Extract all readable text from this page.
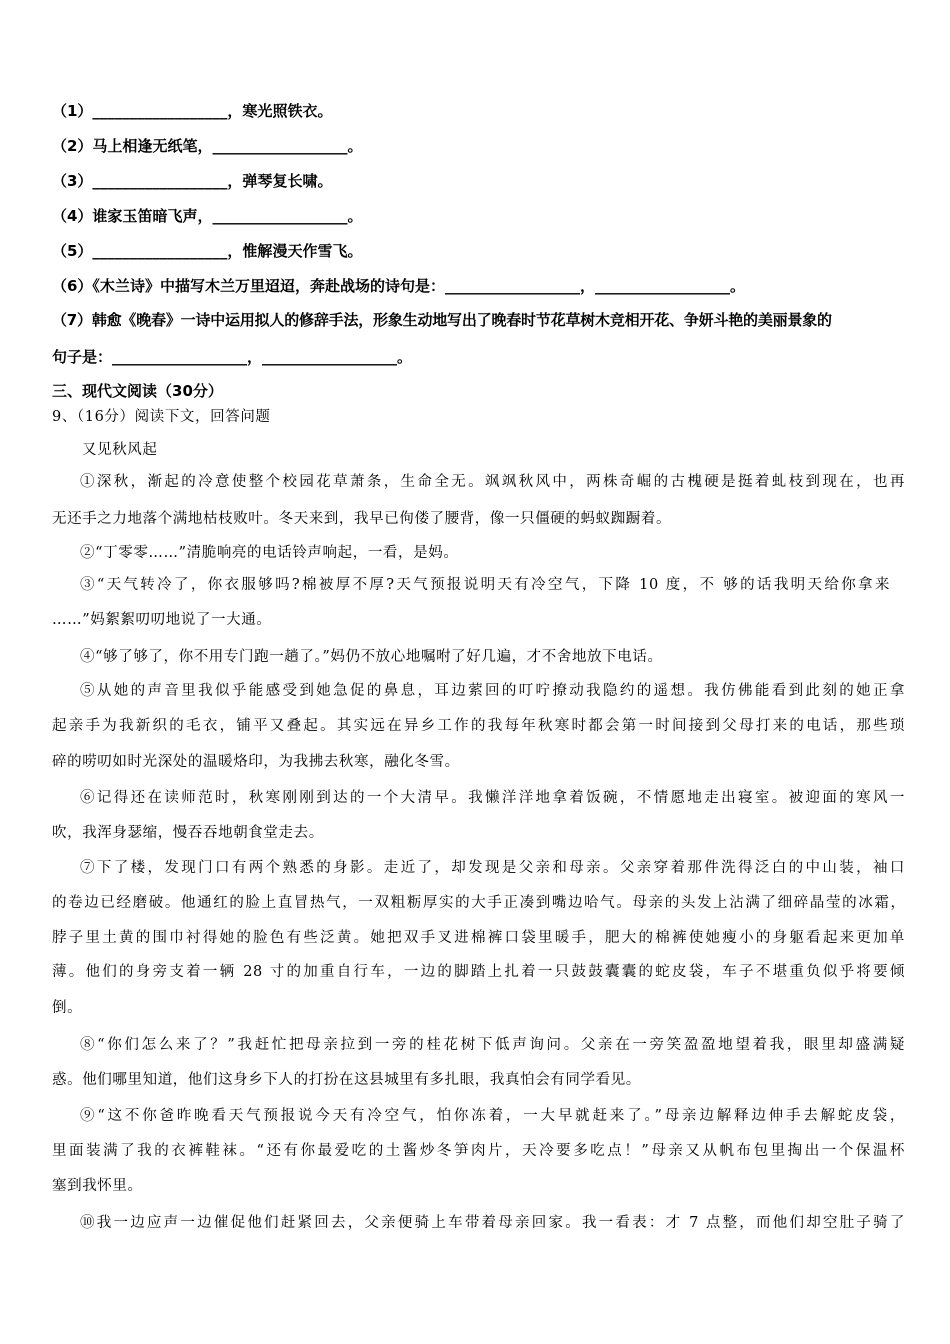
（1）__________________，寒光照铁衣。
（2）马上相逢无纸笔，__________________。
（3）__________________，弹琴复长啸。
（4）谁家玉笛暗飞声，__________________。
（5）__________________，惟解漫天作雪飞。
（6）《木兰诗》中描写木兰万里迢迢，奔赴战场的诗句是：__________________，__________________。
（7）韩愈《晚春》一诗中运用拟人的修辞手法，形象生动地写出了晚春时节花草树木竞相开花、争妍斗艳的美丽景象的
句子是：__________________，__________________。
三、现代文阅读（30分）
9、（16分）阅读下文，回答问题
又见秋风起
①深秋，渐起的冷意使整个校园花草萧条，生命全无。飒飒秋风中，两株奇崛的古槐硬是挺着虬枝到现在，也再
无还手之力地落个满地枯枝败叶。冬天来到，我早已佝偻了腰背，像一只僵硬的蚂蚁踟蹰着。
②“丁零零……”清脆响亮的电话铃声响起，一看，是妈。
③“天气转冷了，你衣服够吗?棉被厚不厚?天气预报说明天有冷空气，下降 10 度，不 够的话我明天给你拿来
……”妈絮絮叨叨地说了一大通。
④“够了够了，你不用专门跑一趟了。”妈仍不放心地嘱咐了好几遍，才不舍地放下电话。
⑤从她的声音里我似乎能感受到她急促的鼻息，耳边萦回的叮咛撩动我隐约的遥想。我仿佛能看到此刻的她正拿
起亲手为我新织的毛衣，铺平又叠起。其实远在异乡工作的我每年秋寒时都会第一时间接到父母打来的电话，那些琐
碎的唠叨如时光深处的温暖烙印，为我拂去秋寒，融化冬雪。
⑥记得还在读师范时，秋寒刚刚到达的一个大清早。我懒洋洋地拿着饭碗，不情愿地走出寝室。被迎面的寒风一
吹，我浑身瑟缩，慢吞吞地朝食堂走去。
⑦下了楼，发现门口有两个熟悉的身影。走近了，却发现是父亲和母亲。父亲穿着那件洗得泛白的中山装，袖口
的卷边已经磨破。他通红的脸上直冒热气，一双粗粝厚实的大手正凑到嘴边哈气。母亲的头发上沾满了细碎晶莹的冰霜，
脖子里土黄的围巾衬得她的脸色有些泛黄。她把双手叉进棉裤口袋里暖手，肥大的棉裤使她瘦小的身躯看起来更加单
薄。他们的身旁支着一辆 28 寸的加重自行车，一边的脚踏上扎着一只鼓鼓囊囊的蛇皮袋，车子不堪重负似乎将要倾
倒。
⑧“你们怎么来了？”我赶忙把母亲拉到一旁的桂花树下低声询问。父亲在一旁笑盈盈地望着我，眼里却盛满疑
惑。他们哪里知道，他们这身乡下人的打扮在这县城里有多扎眼，我真怕会有同学看见。
⑨“这不你爸昨晚看天气预报说今天有冷空气，怕你冻着，一大早就赶来了。”母亲边解释边伸手去解蛇皮袋，
里面装满了我的衣裤鞋袜。“还有你最爱吃的土酱炒冬笋肉片，天冷要多吃点！”母亲又从帆布包里掏出一个保温杯
塞到我怀里。
⑩我一边应声一边催促他们赶紧回去，父亲便骑上车带着母亲回家。我一看表：才 7 点整，而他们却空肚子骑了
